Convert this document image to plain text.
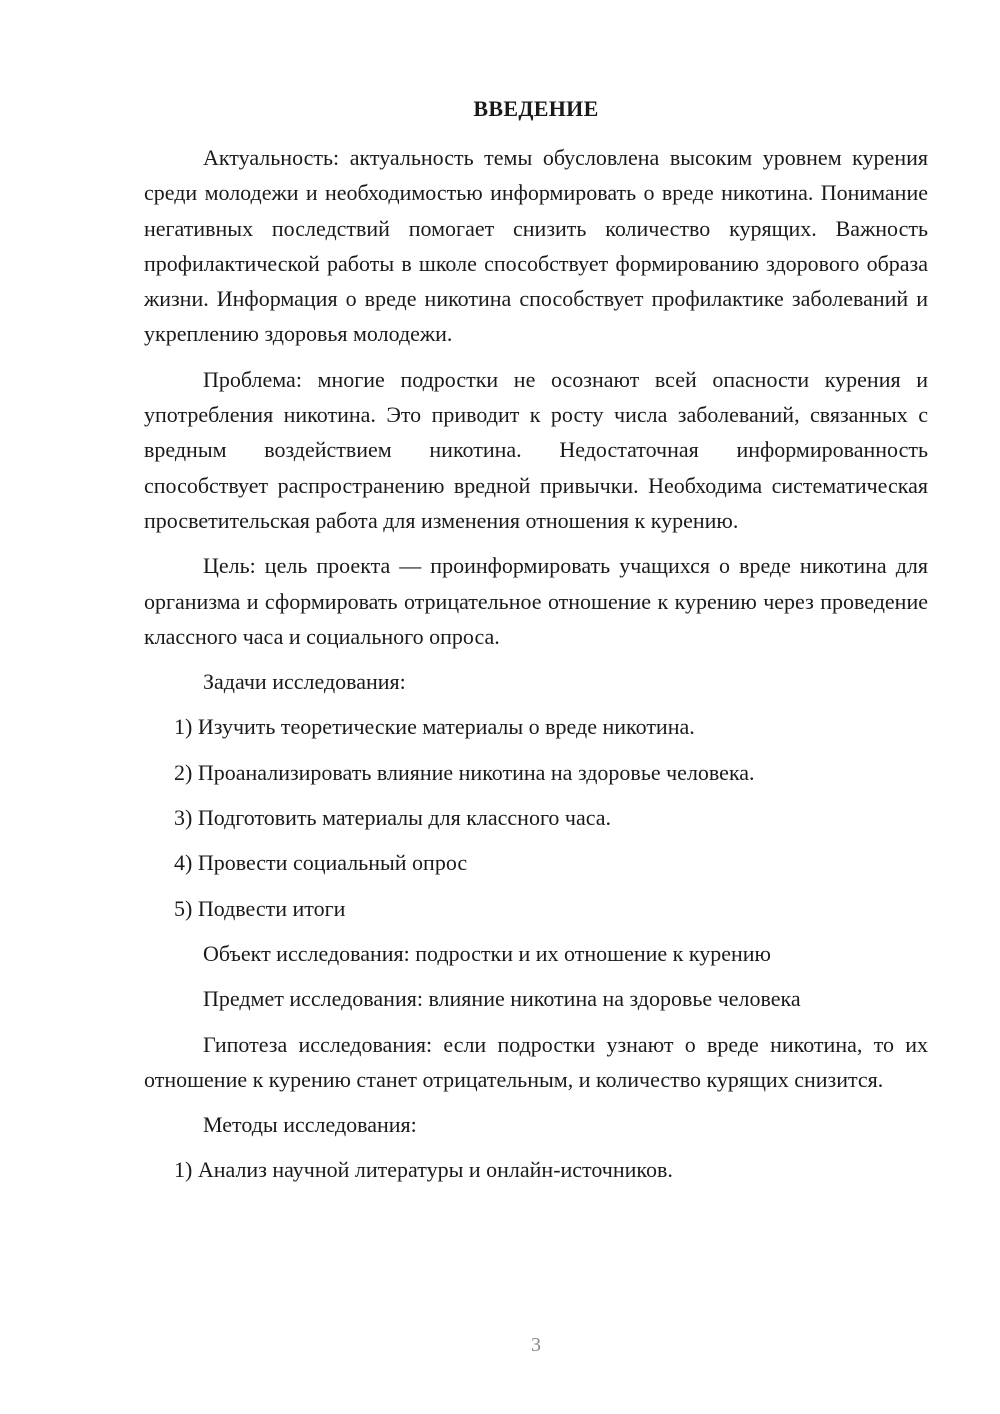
ВВЕДЕНИЕ

Актуальность: актуальность темы обусловлена высоким уровнем курения среди молодежи и необходимостью информировать о вреде никотина. Понимание негативных последствий помогает снизить количество курящих. Важность профилактической работы в школе способствует формированию здорового образа жизни. Информация о вреде никотина способствует профилактике заболеваний и укреплению здоровья молодежи.

Проблема: многие подростки не осознают всей опасности курения и употребления никотина. Это приводит к росту числа заболеваний, связанных с вредным воздействием никотина. Недостаточная информированность способствует распространению вредной привычки. Необходима систематическая просветительская работа для изменения отношения к курению.

Цель: цель проекта — проинформировать учащихся о вреде никотина для организма и сформировать отрицательное отношение к курению через проведение классного часа и социального опроса.

Задачи исследования:

1) Изучить теоретические материалы о вреде никотина.

2) Проанализировать влияние никотина на здоровье человека.

3) Подготовить материалы для классного часа.

4) Провести социальный опрос

5) Подвести итоги

Объект исследования: подростки и их отношение к курению

Предмет исследования: влияние никотина на здоровье человека

Гипотеза исследования: если подростки узнают о вреде никотина, то их отношение к курению станет отрицательным, и количество курящих снизится.

Методы исследования:

1) Анализ научной литературы и онлайн-источников.

3
